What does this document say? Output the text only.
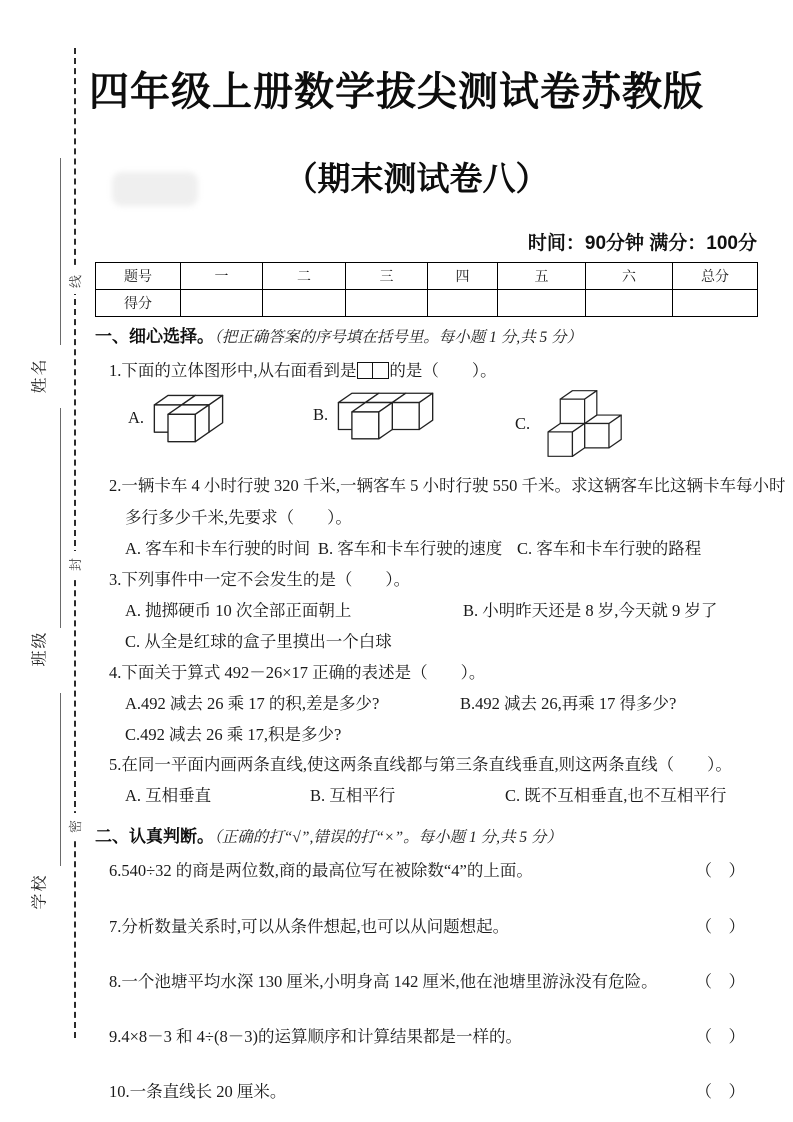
线
封
密
姓名
班级
学校
四年级上册数学拔尖测试卷苏教版
（期末测试卷八）
时间：90分钟 满分：100分
题号	一	二	三	四	五	六	总分
得分							
一、细心选择。（把正确答案的序号填在括号里。每小题 1 分,共 5 分）
1.下面的立体图形中,从右面看到是 的是（　　）。
A.	B.	C.
2.一辆卡车 4 小时行驶 320 千米,一辆客车 5 小时行驶 550 千米。求这辆客车比这辆卡车每小时
多行多少千米,先要求（　　）。
A. 客车和卡车行驶的时间 B. 客车和卡车行驶的速度 C. 客车和卡车行驶的路程
3.下列事件中一定不会发生的是（　　）。
A. 抛掷硬币 10 次全部正面朝上	B. 小明昨天还是 8 岁,今天就 9 岁了
C. 从全是红球的盒子里摸出一个白球
4.下面关于算式 492－26×17 正确的表述是（　　）。
A.492 减去 26 乘 17 的积,差是多少?	B.492 减去 26,再乘 17 得多少?
C.492 减去 26 乘 17,积是多少?
5.在同一平面内画两条直线,使这两条直线都与第三条直线垂直,则这两条直线（　　）。
A. 互相垂直	B. 互相平行	C. 既不互相垂直,也不互相平行
二、认真判断。（正确的打“√”,错误的打“×”。每小题 1 分,共 5 分）
6.540÷32 的商是两位数,商的最高位写在被除数“4”的上面。	（　）
7.分析数量关系时,可以从条件想起,也可以从问题想起。	（　）
8.一个池塘平均水深 130 厘米,小明身高 142 厘米,他在池塘里游泳没有危险。 （　）
9.4×8－3 和 4÷(8－3)的运算顺序和计算结果都是一样的。	（　）
10.一条直线长 20 厘米。	（　）
